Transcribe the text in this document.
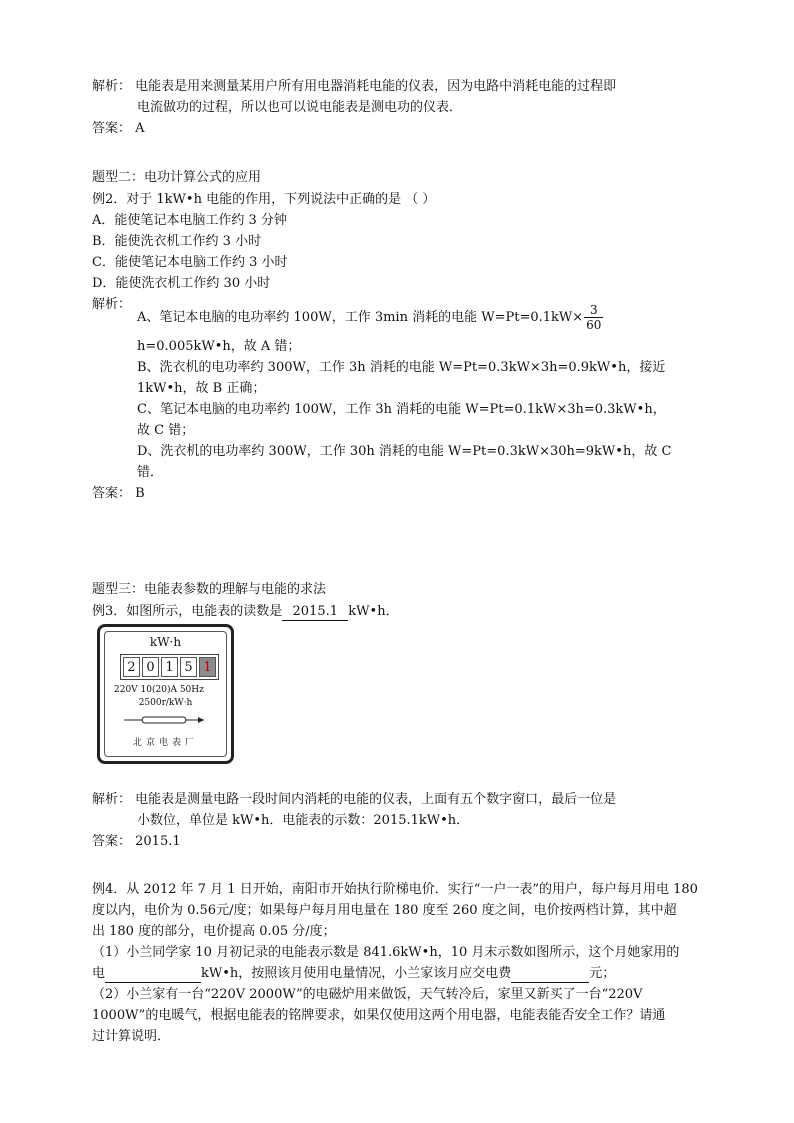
解析： 电能表是用来测量某用户所有用电器消耗电能的仪表，因为电路中消耗电能的过程即
电流做功的过程，所以也可以说电能表是测电功的仪表．
答案： A
题型二：电功计算公式的应用
例2．对于 1kW•h 电能的作用，下列说法中正确的是 （ ）
A．能使笔记本电脑工作约 3 分钟
B．能使洗衣机工作约 3 小时
C．能使笔记本电脑工作约 3 小时
D．能使洗衣机工作约 30 小时
解析：
A、笔记本电脑的电功率约 100W，工作 3min 消耗的电能 $W=Pt=0.1kW\times \frac{3}{60}$
h=0.005kW•h，故 A 错；
B、洗衣机的电功率约 300W，工作 3h 消耗的电能 W=Pt=0.3kW×3h=0.9kW•h，接近
1kW•h，故 B 正确；
C、笔记本电脑的电功率约 100W，工作 3h 消耗的电能 W=Pt=0.1kW×3h=0.3kW•h，
故 C 错；
D、洗衣机的电功率约 300W，工作 30h 消耗的电能 W=Pt=0.3kW×30h=9kW•h，故 C
错．
答案： B
题型三：电能表参数的理解与电能的求法
例3．如图所示，电能表的读数是 2015.1 kW•h．
kW·h
2 0 1 5 1
220V 10(20)A 50Hz
2500r/kW·h
北京电表厂
解析： 电能表是测量电路一段时间内消耗的电能的仪表，上面有五个数字窗口，最后一位是
小数位，单位是 kW•h．电能表的示数：2015.1kW•h．
答案： 2015.1
例4．从 2012 年 7 月 1 日开始，南阳市开始执行阶梯电价．实行“一户一表”的用户，每户每月用电 180
度以内，电价为 0.56元/度；如果每户每月用电量在 180 度至 260 度之间，电价按两档计算，其中超
出 180 度的部分，电价提高 0.05 分/度；
（1）小兰同学家 10 月初记录的电能表示数是 841.6kW•h，10 月末示数如图所示，这个月她家用的
电	kW•h，按照该月使用电量情况，小兰家该月应交电费	元；
（2）小兰家有一台“220V 2000W”的电磁炉用来做饭，天气转冷后，家里又新买了一台“220V
1000W”的电暖气，根据电能表的铭牌要求，如果仅使用这两个用电器，电能表能否安全工作？请通
过计算说明．
